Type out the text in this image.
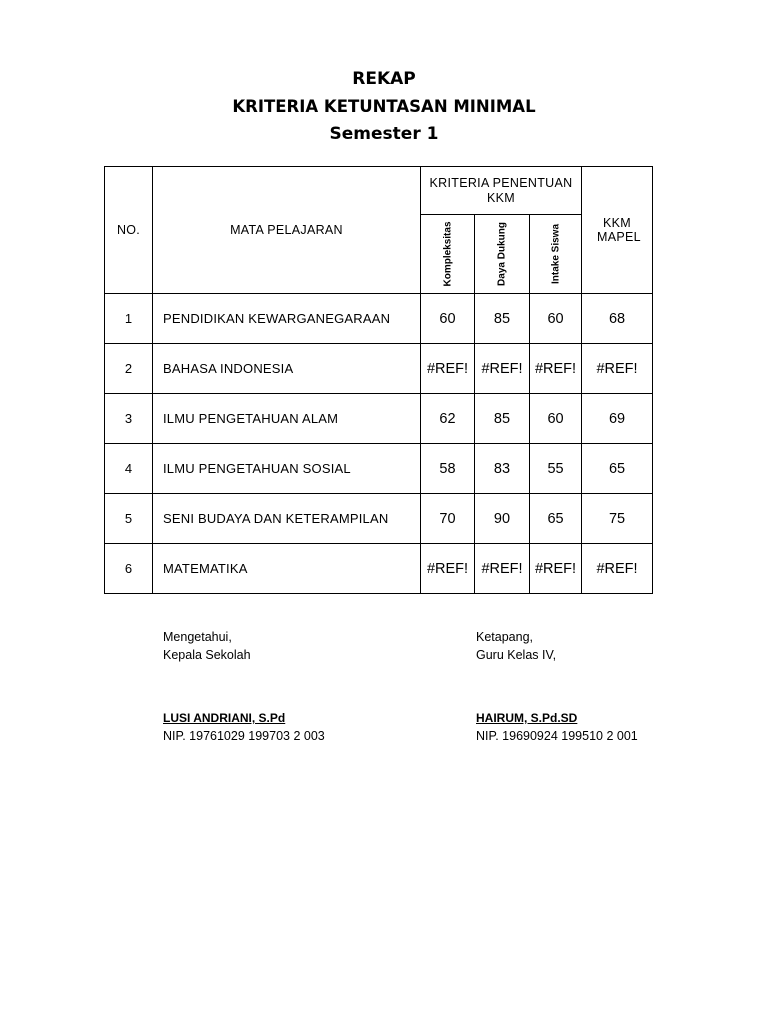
REKAP
KRITERIA KETUNTASAN MINIMAL
Semester 1
NO.	MATA PELAJARAN	KRITERIA PENENTUAN KKM			KKM MAPEL

		Kompleksitas	Daya Dukung	Intake Siswa	

1	PENDIDIKAN KEWARGANEGARAAN	60	85	60	68
2	BAHASA INDONESIA	#REF!	#REF!	#REF!	#REF!
3	ILMU PENGETAHUAN ALAM	62	85	60	69
4	ILMU PENGETAHUAN SOSIAL	58	83	55	65
5	SENI BUDAYA DAN KETERAMPILAN	70	90	65	75
6	MATEMATIKA	#REF!	#REF!	#REF!	#REF!
Mengetahui,
Kepala Sekolah
Ketapang,
Guru Kelas IV,
LUSI ANDRIANI, S.Pd
NIP. 19761029 199703 2 003
HAIRUM, S.Pd.SD
NIP. 19690924 199510 2 001
